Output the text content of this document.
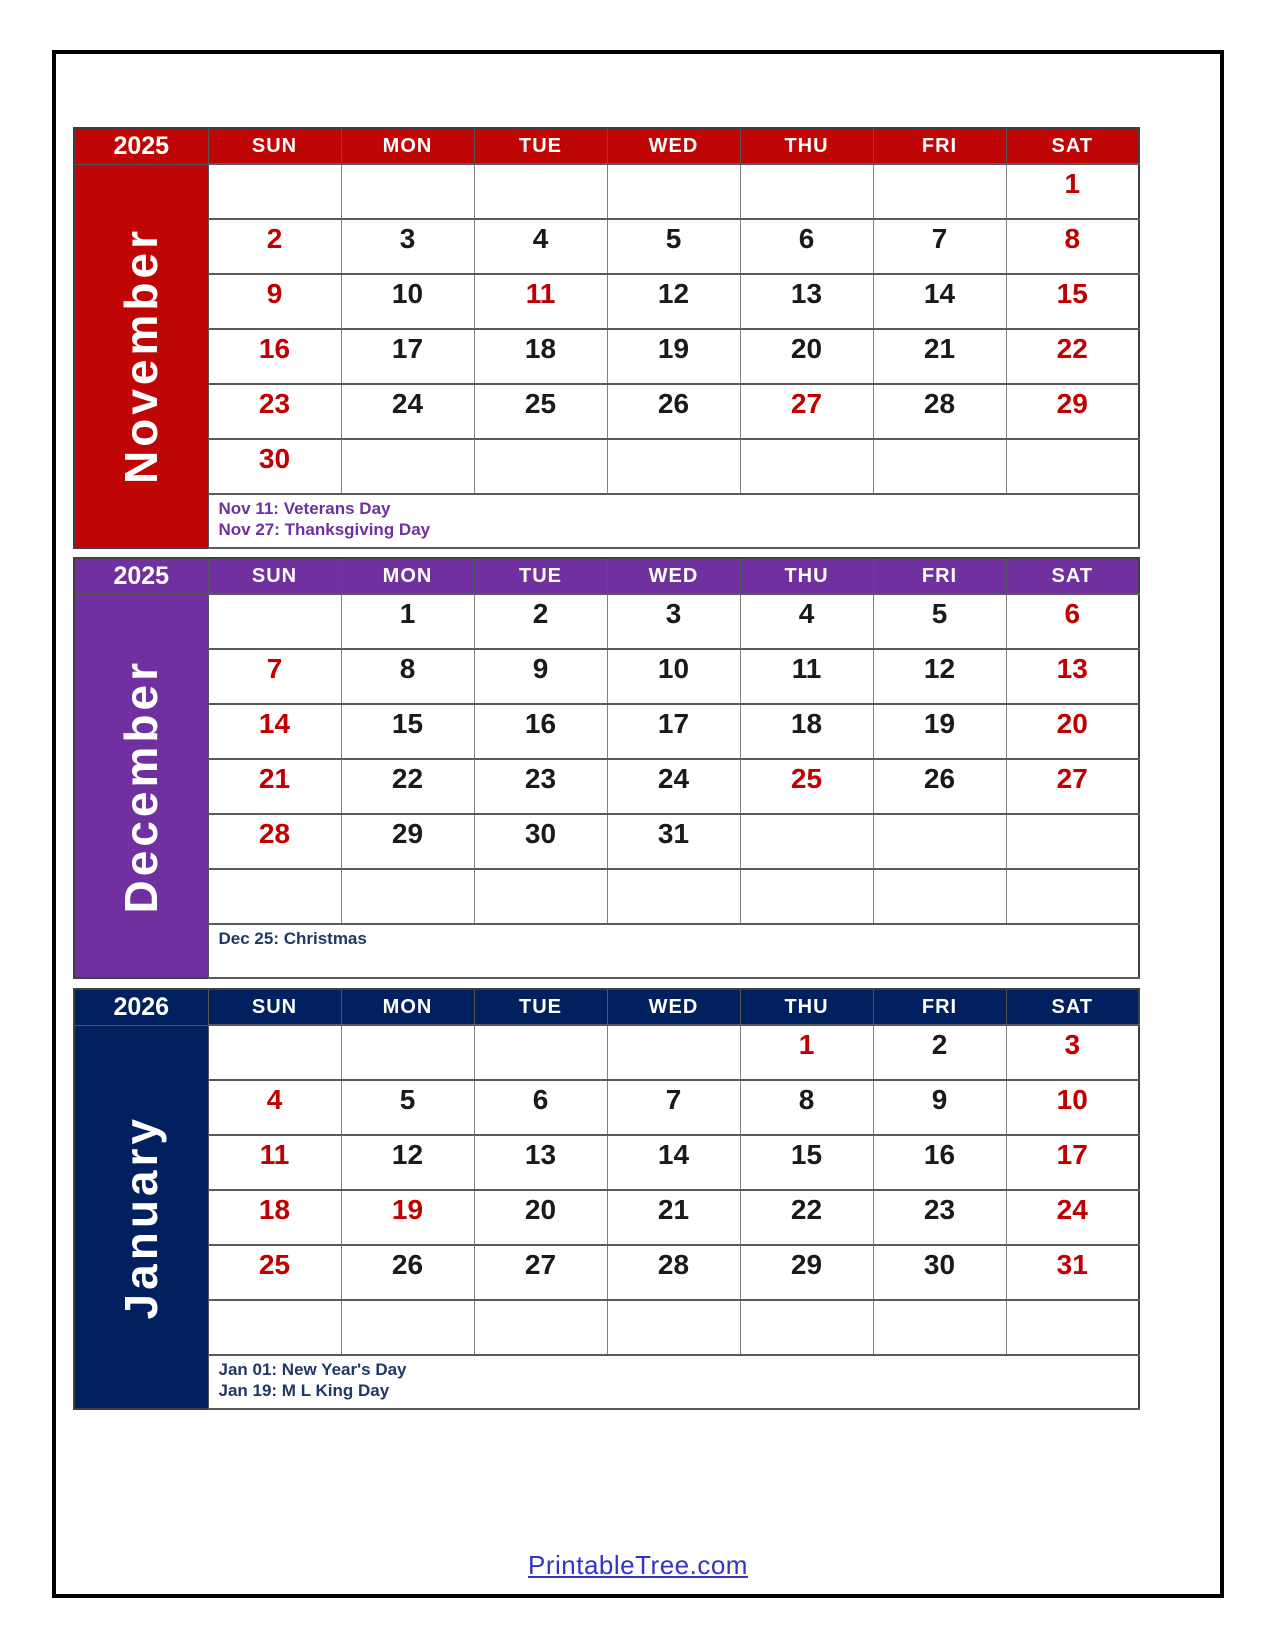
2025	SUN	MON	TUE	WED	THU	FRI	SAT

November							1
	2	3	4	5	6	7	8
	9	10	11	12	13	14	15
	16	17	18	19	20	21	22
	23	24	25	26	27	28	29
	30						

	Nov 11: Veterans Day
Nov 27: Thanksgiving Day						
2025	SUN	MON	TUE	WED	THU	FRI	SAT

December		1	2	3	4	5	6
	7	8	9	10	11	12	13
	14	15	16	17	18	19	20
	21	22	23	24	25	26	27
	28	29	30	31			

	Dec 25: Christmas						
2026	SUN	MON	TUE	WED	THU	FRI	SAT

January					1	2	3
	4	5	6	7	8	9	10
	11	12	13	14	15	16	17
	18	19	20	21	22	23	24
	25	26	27	28	29	30	31

	Jan 01: New Year's Day
Jan 19: M L King Day						
PrintableTree.com
